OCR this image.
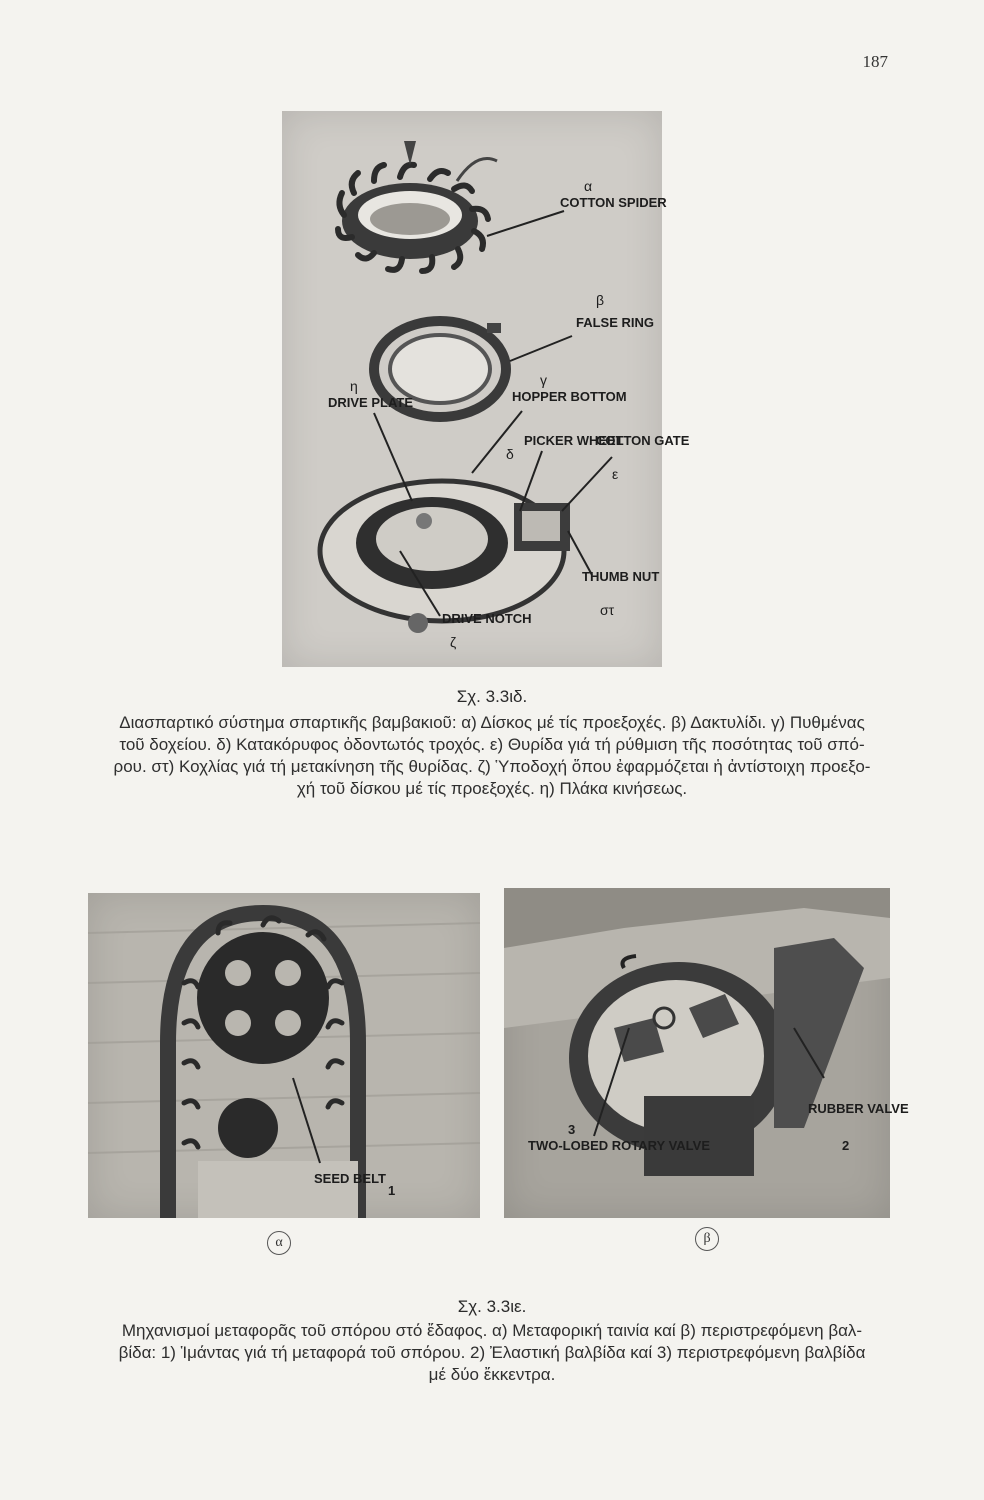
187
α
COTTON SPIDER
β
FALSE RING
η
DRIVE PLATE
γ
HOPPER BOTTOM
PICKER WHEEL
δ
COTTON GATE
ε
THUMB NUT
στ
DRIVE NOTCH
ζ
Σχ. 3.3ιδ.
Διασπαρτικό σύστημα σπαρτικῆς βαμβακιοῦ: α) Δίσκος μέ τίς προεξοχές. β) Δακτυλίδι. γ) Πυθμένας
τοῦ δοχείου. δ) Κατακόρυφος ὀδοντωτός τροχός. ε) Θυρίδα γιά τή ρύθμιση τῆς ποσότητας τοῦ σπό-
ρου. στ) Κοχλίας γιά τή μετακίνηση τῆς θυρίδας. ζ) Ὑποδοχή ὅπου ἐφαρμόζεται ἡ ἀντίστοιχη προεξο-
χή τοῦ δίσκου μέ τίς προεξοχές. η) Πλάκα κινήσεως.
SEED BELT
1
RUBBER VALVE
2
3
TWO-LOBED ROTARY VALVE
α	β
Σχ. 3.3ιε.
Μηχανισμοί μεταφορᾶς τοῦ σπόρου στό ἔδαφος. α) Μεταφορική ταινία καί β) περιστρεφόμενη βαλ-
βίδα: 1) Ἱμάντας γιά τή μεταφορά τοῦ σπόρου. 2) Ἐλαστική βαλβίδα καί 3) περιστρεφόμενη βαλβίδα
μέ δύο ἔκκεντρα.
